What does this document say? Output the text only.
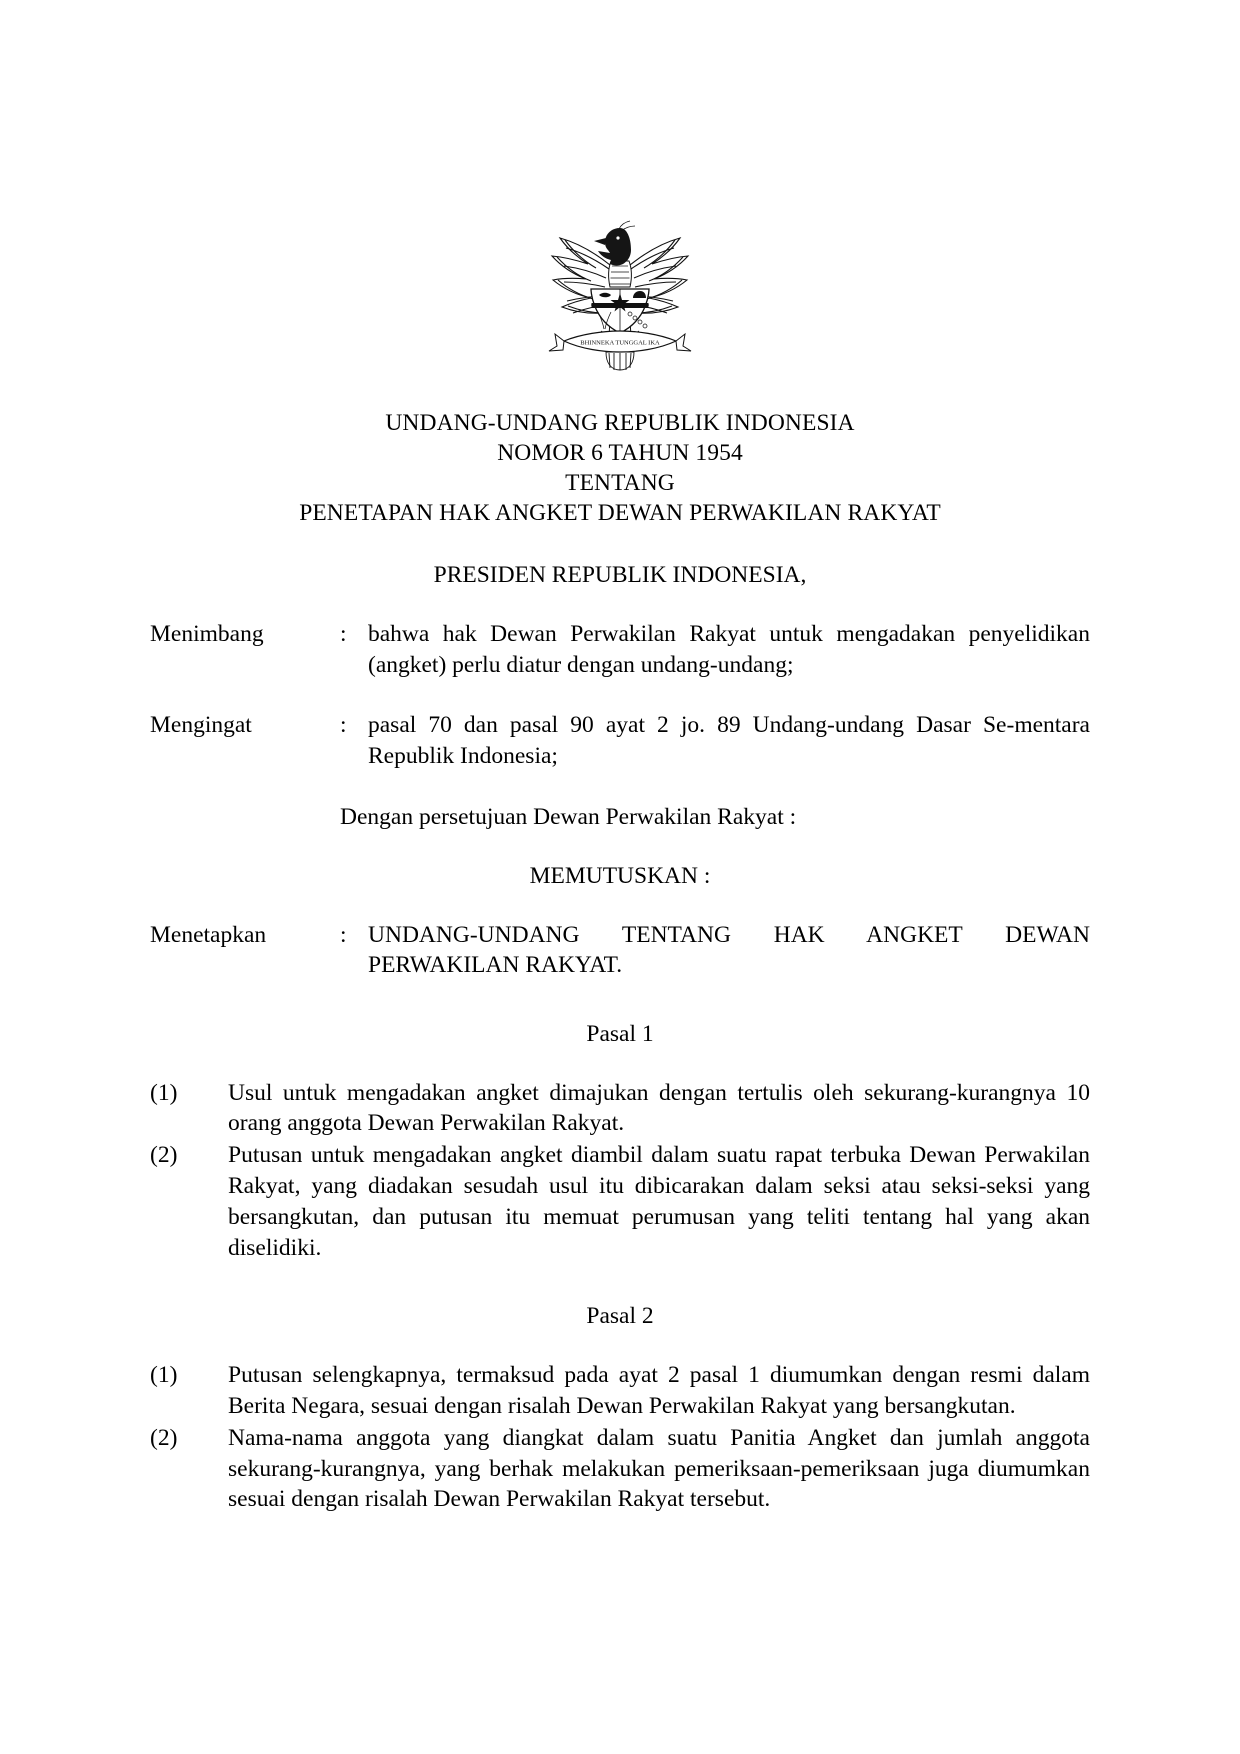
BHINNEKA TUNGGAL IKA
UNDANG-UNDANG REPUBLIK INDONESIA
NOMOR 6 TAHUN 1954
TENTANG
PENETAPAN HAK ANGKET DEWAN PERWAKILAN RAKYAT
PRESIDEN REPUBLIK INDONESIA,
Menimbang	: bahwa hak Dewan Perwakilan Rakyat untuk mengadakan penyelidikan (angket) perlu diatur dengan undang-undang;
Mengingat	: pasal 70 dan pasal 90 ayat 2 jo. 89 Undang-undang Dasar Se-mentara Republik Indonesia;
Dengan persetujuan Dewan Perwakilan Rakyat :
MEMUTUSKAN :
Menetapkan	: UNDANG-UNDANG TENTANG HAK ANGKET DEWAN PERWAKILAN RAKYAT.
Pasal 1
(1)	Usul untuk mengadakan angket dimajukan dengan tertulis oleh sekurang-kurangnya 10 orang anggota Dewan Perwakilan Rakyat.
(2)	Putusan untuk mengadakan angket diambil dalam suatu rapat terbuka Dewan Perwakilan Rakyat, yang diadakan sesudah usul itu dibicarakan dalam seksi atau seksi-seksi yang bersangkutan, dan putusan itu memuat perumusan yang teliti tentang hal yang akan diselidiki.
Pasal 2
(1)	Putusan selengkapnya, termaksud pada ayat 2 pasal 1 diumumkan dengan resmi dalam Berita Negara, sesuai dengan risalah Dewan Perwakilan Rakyat yang bersangkutan.
(2)	Nama-nama anggota yang diangkat dalam suatu Panitia Angket dan jumlah anggota sekurang-kurangnya, yang berhak melakukan pemeriksaan-pemeriksaan juga diumumkan sesuai dengan risalah Dewan Perwakilan Rakyat tersebut.
